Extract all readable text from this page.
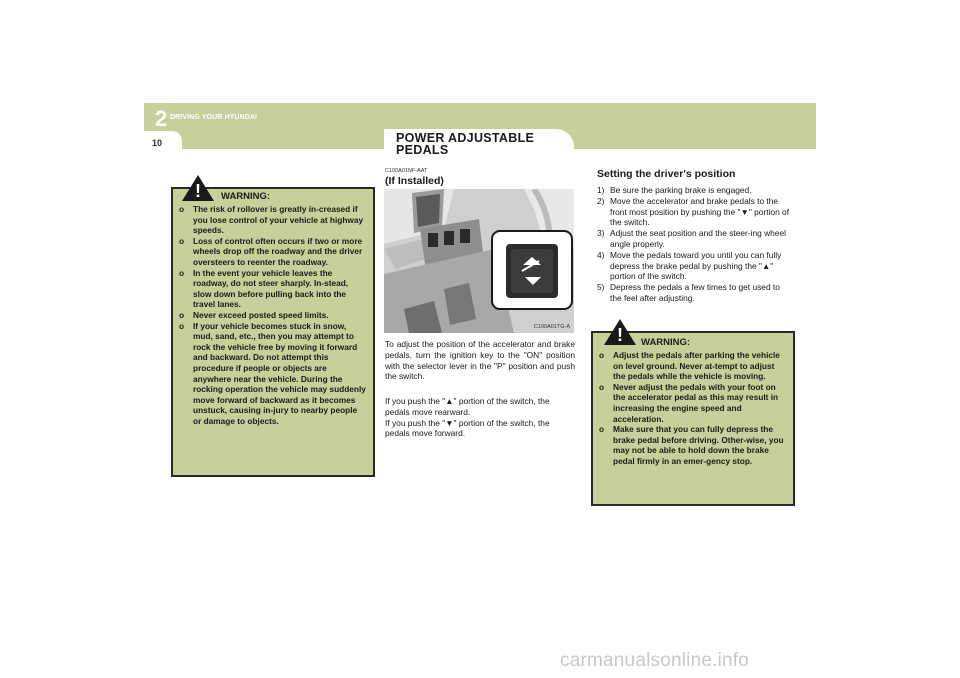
2 DRIVING YOUR HYUNDAI
10	POWER ADJUSTABLE
PEDALS
!	WARNING:
o The risk of rollover is greatly in-creased if you lose control of your vehicle at highway speeds.
o Loss of control often occurs if two or more wheels drop off the roadway and the driver oversteers to reenter the roadway.
o In the event your vehicle leaves the roadway, do not steer sharply. In-stead, slow down before pulling back into the travel lanes.
o Never exceed posted speed limits.
o If your vehicle becomes stuck in snow, mud, sand, etc., then you may attempt to rock the vehicle free by moving it forward and backward. Do not attempt this procedure if people or objects are anywhere near the vehicle. During the rocking operation the vehicle may suddenly move forward of backward as it becomes unstuck, causing in-jury to nearby people or damage to objects.
C100A01NF-AAT
(If Installed)
C100A01TG-A
To adjust the position of the accelerator and brake pedals, turn the ignition key to the "ON" position with the selector lever in the "P" position and push the switch.
If you push the "▲" portion of the switch, the pedals move rearward.
If you push the "▼" portion of the switch, the pedals move forward.
Setting the driver's position
1) Be sure the parking brake is engaged.
2) Move the accelerator and brake pedals to the front most position by pushing the "▼" portion of the switch.
3) Adjust the seat position and the steer-ing wheel angle properly.
4) Move the pedals toward you until you can fully depress the brake pedal by pushing the "▲" portion of the switch.
5) Depress the pedals a few times to get used to the feel after adjusting.
!	WARNING:
o Adjust the pedals after parking the vehicle on level ground. Never at-tempt to adjust the pedals while the vehicle is moving.
o Never adjust the pedals with your foot on the accelerator pedal as this may result in increasing the engine speed and acceleration.
o Make sure that you can fully depress the brake pedal before driving. Other-wise, you may not be able to hold down the brake pedal firmly in an emer-gency stop.
carmanualsonline.info
